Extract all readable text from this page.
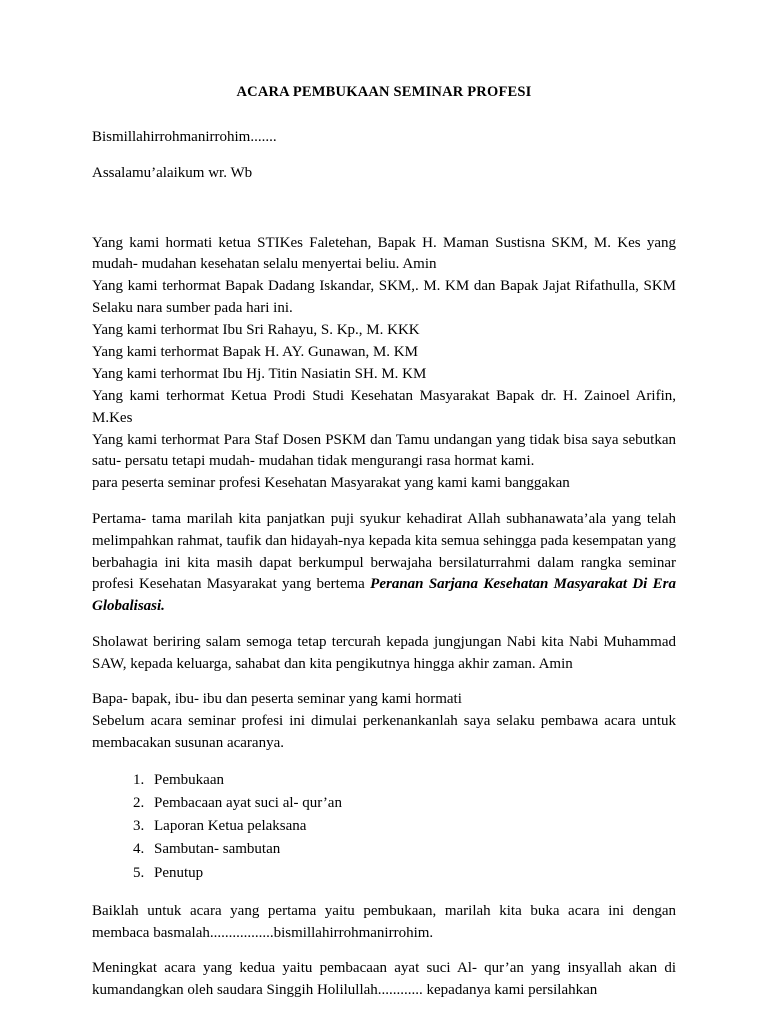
ACARA PEMBUKAAN SEMINAR PROFESI

Bismillahirrohmanirrohim.......

Assalamu’alaikum wr. Wb

Yang kami hormati ketua STIKes Faletehan, Bapak H. Maman Sustisna SKM, M. Kes yang mudah- mudahan kesehatan selalu menyertai beliu. Amin
Yang kami terhormat Bapak Dadang Iskandar, SKM,. M. KM dan Bapak Jajat Rifathulla, SKM Selaku nara sumber pada hari ini.
Yang kami terhormat Ibu Sri Rahayu, S. Kp., M. KKK
Yang kami terhormat Bapak H. AY. Gunawan, M. KM
Yang kami terhormat Ibu Hj. Titin Nasiatin SH. M. KM
Yang kami terhormat Ketua Prodi Studi Kesehatan Masyarakat Bapak dr. H. Zainoel Arifin, M.Kes
Yang kami terhormat Para Staf Dosen PSKM dan Tamu undangan yang tidak bisa saya sebutkan satu- persatu tetapi mudah- mudahan tidak mengurangi rasa hormat kami.
para peserta seminar profesi Kesehatan Masyarakat yang kami kami banggakan

Pertama- tama marilah kita panjatkan puji syukur kehadirat Allah subhanawata’ala yang telah melimpahkan rahmat, taufik dan hidayah-nya kepada kita semua sehingga pada kesempatan yang berbahagia ini kita masih dapat berkumpul berwajaha bersilaturrahmi dalam rangka seminar profesi Kesehatan Masyarakat yang bertema Peranan Sarjana Kesehatan Masyarakat Di Era Globalisasi.

Sholawat beriring salam semoga tetap tercurah kepada jungjungan Nabi kita Nabi Muhammad SAW, kepada keluarga, sahabat dan kita pengikutnya hingga akhir zaman. Amin

Bapa- bapak, ibu- ibu dan peserta seminar yang kami hormati

Sebelum acara seminar profesi ini dimulai perkenankanlah saya selaku pembawa acara untuk membacakan susunan acaranya.

1. Pembukaan
2. Pembacaan ayat suci al- qur’an
3. Laporan Ketua pelaksana
4. Sambutan- sambutan
5. Penutup

Baiklah untuk acara yang pertama yaitu pembukaan, marilah kita buka acara ini dengan membaca basmalah.................bismillahirrohmanirrohim.

Meningkat acara yang kedua yaitu pembacaan ayat suci Al- qur’an yang insyallah akan di kumandangkan oleh saudara Singgih Holilullah............ kepadanya kami persilahkan
